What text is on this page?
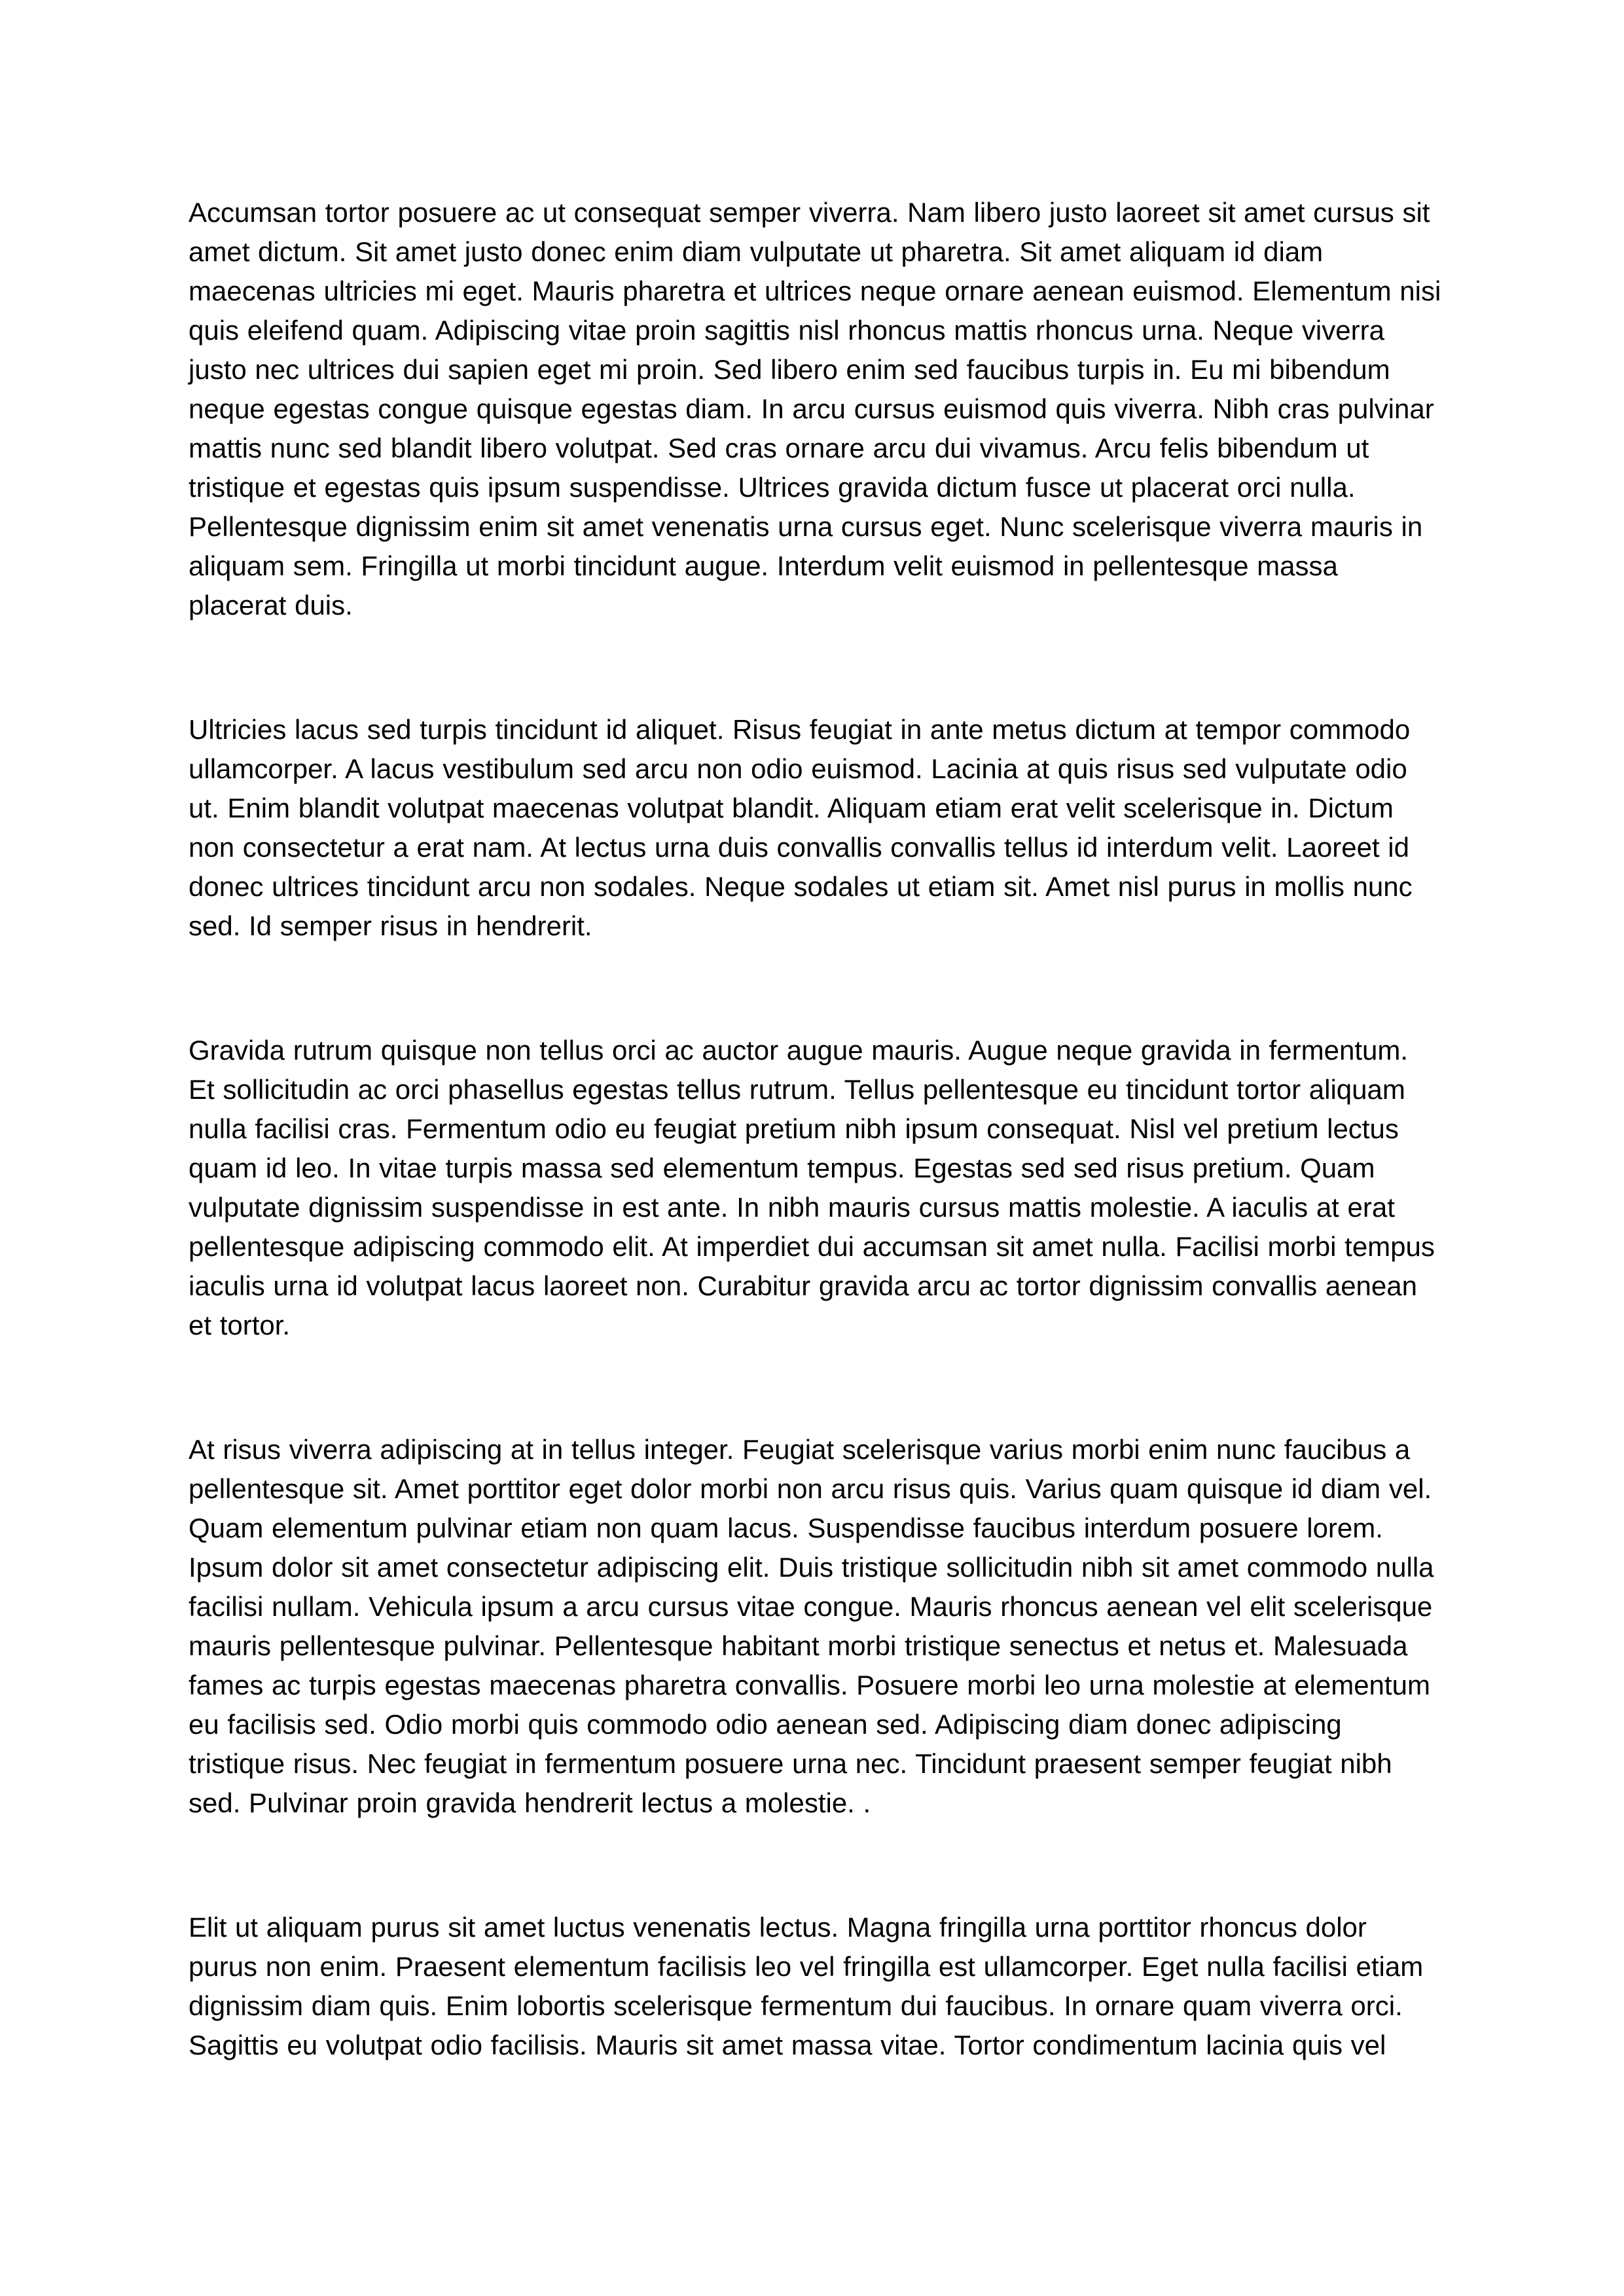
Accumsan tortor posuere ac ut consequat semper viverra. Nam libero justo laoreet sit amet cursus sit amet dictum. Sit amet justo donec enim diam vulputate ut pharetra. Sit amet aliquam id diam maecenas ultricies mi eget. Mauris pharetra et ultrices neque ornare aenean euismod. Elementum nisi quis eleifend quam. Adipiscing vitae proin sagittis nisl rhoncus mattis rhoncus urna. Neque viverra justo nec ultrices dui sapien eget mi proin. Sed libero enim sed faucibus turpis in. Eu mi bibendum neque egestas congue quisque egestas diam. In arcu cursus euismod quis viverra. Nibh cras pulvinar mattis nunc sed blandit libero volutpat. Sed cras ornare arcu dui vivamus. Arcu felis bibendum ut tristique et egestas quis ipsum suspendisse. Ultrices gravida dictum fusce ut placerat orci nulla. Pellentesque dignissim enim sit amet venenatis urna cursus eget. Nunc scelerisque viverra mauris in aliquam sem. Fringilla ut morbi tincidunt augue. Interdum velit euismod in pellentesque massa placerat duis.

Ultricies lacus sed turpis tincidunt id aliquet. Risus feugiat in ante metus dictum at tempor commodo ullamcorper. A lacus vestibulum sed arcu non odio euismod. Lacinia at quis risus sed vulputate odio ut. Enim blandit volutpat maecenas volutpat blandit. Aliquam etiam erat velit scelerisque in. Dictum non consectetur a erat nam. At lectus urna duis convallis convallis tellus id interdum velit. Laoreet id donec ultrices tincidunt arcu non sodales. Neque sodales ut etiam sit. Amet nisl purus in mollis nunc sed. Id semper risus in hendrerit.

Gravida rutrum quisque non tellus orci ac auctor augue mauris. Augue neque gravida in fermentum. Et sollicitudin ac orci phasellus egestas tellus rutrum. Tellus pellentesque eu tincidunt tortor aliquam nulla facilisi cras. Fermentum odio eu feugiat pretium nibh ipsum consequat. Nisl vel pretium lectus quam id leo. In vitae turpis massa sed elementum tempus. Egestas sed sed risus pretium. Quam vulputate dignissim suspendisse in est ante. In nibh mauris cursus mattis molestie. A iaculis at erat pellentesque adipiscing commodo elit. At imperdiet dui accumsan sit amet nulla. Facilisi morbi tempus iaculis urna id volutpat lacus laoreet non. Curabitur gravida arcu ac tortor dignissim convallis aenean et tortor.

At risus viverra adipiscing at in tellus integer. Feugiat scelerisque varius morbi enim nunc faucibus a pellentesque sit. Amet porttitor eget dolor morbi non arcu risus quis. Varius quam quisque id diam vel. Quam elementum pulvinar etiam non quam lacus. Suspendisse faucibus interdum posuere lorem. Ipsum dolor sit amet consectetur adipiscing elit. Duis tristique sollicitudin nibh sit amet commodo nulla facilisi nullam. Vehicula ipsum a arcu cursus vitae congue. Mauris rhoncus aenean vel elit scelerisque mauris pellentesque pulvinar. Pellentesque habitant morbi tristique senectus et netus et. Malesuada fames ac turpis egestas maecenas pharetra convallis. Posuere morbi leo urna molestie at elementum eu facilisis sed. Odio morbi quis commodo odio aenean sed. Adipiscing diam donec adipiscing tristique risus. Nec feugiat in fermentum posuere urna nec. Tincidunt praesent semper feugiat nibh sed. Pulvinar proin gravida hendrerit lectus a molestie. .

Elit ut aliquam purus sit amet luctus venenatis lectus. Magna fringilla urna porttitor rhoncus dolor purus non enim. Praesent elementum facilisis leo vel fringilla est ullamcorper. Eget nulla facilisi etiam dignissim diam quis. Enim lobortis scelerisque fermentum dui faucibus. In ornare quam viverra orci. Sagittis eu volutpat odio facilisis. Mauris sit amet massa vitae. Tortor condimentum lacinia quis vel
